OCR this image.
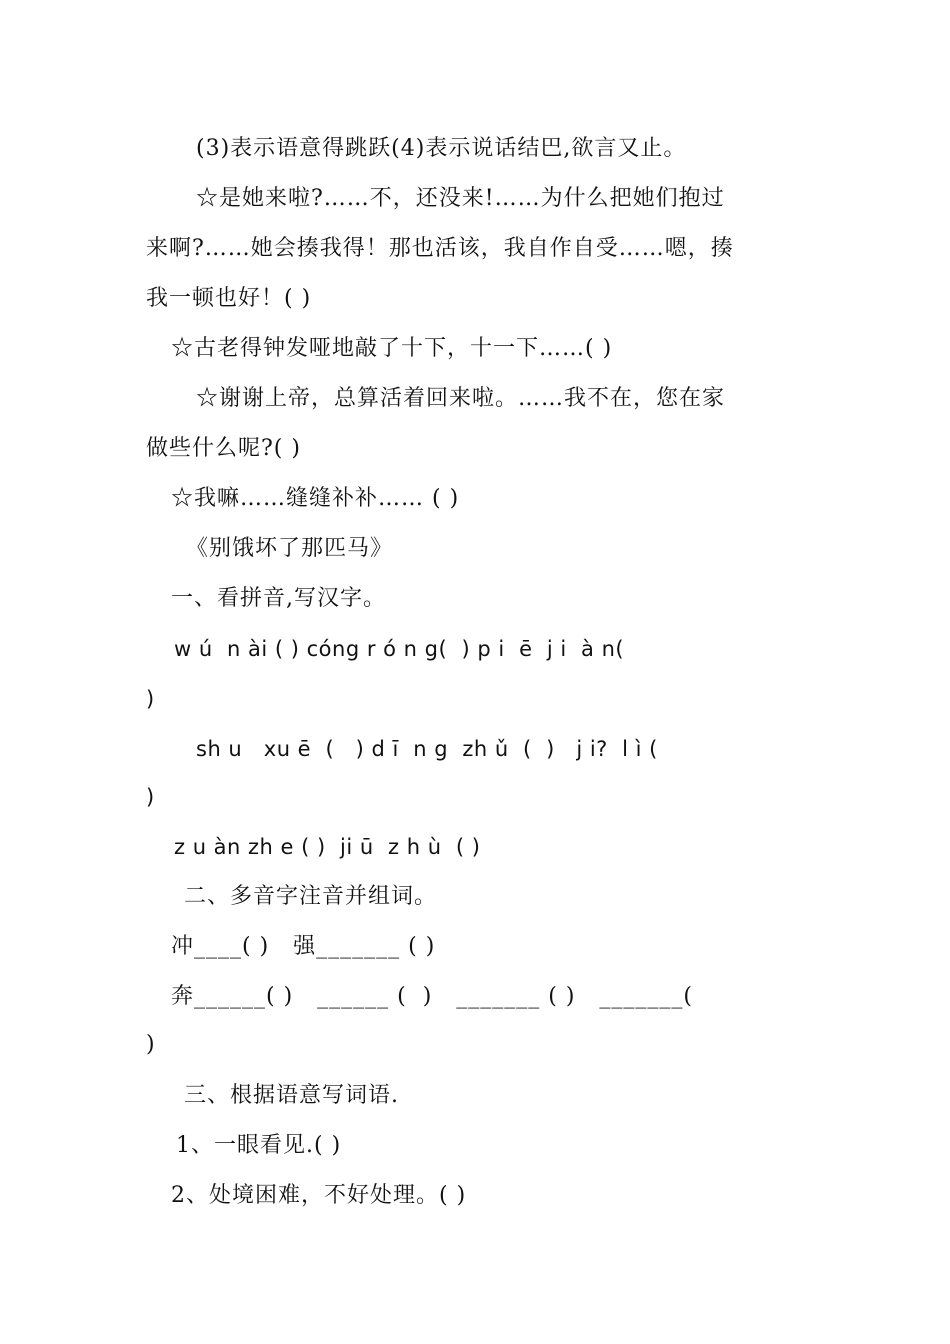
(3)表示语意得跳跃(4)表示说话结巴,欲言又止。
☆是她来啦?……不，还没来!……为什么把她们抱过
来啊?……她会揍我得！那也活该，我自作自受……嗯，揍
我一顿也好！( )
☆古老得钟发哑地敲了十下，十一下……( )
☆谢谢上帝，总算活着回来啦。……我不在，您在家
做些什么呢?( )
☆我嘛……缝缝补补…… ( )
《别饿坏了那匹马》
一、看拼音,写汉字。
w ú  n ài ( ) cóng r ó n g(  ) p i  ē  j i  à n(
)
sh u   xu ē  (   ) d ī  n g  zh ǔ  (  )   j i?  l ì (
)
z u àn zh e ( )  ji ū  z h ù  ( )
二、多音字注音并组词。
冲____( )   强_______ ( )
奔______( )   ______ (  )   _______ ( )   _______(
)
三、根据语意写词语.
1、一眼看见.( )
2、处境困难，不好处理。( )
